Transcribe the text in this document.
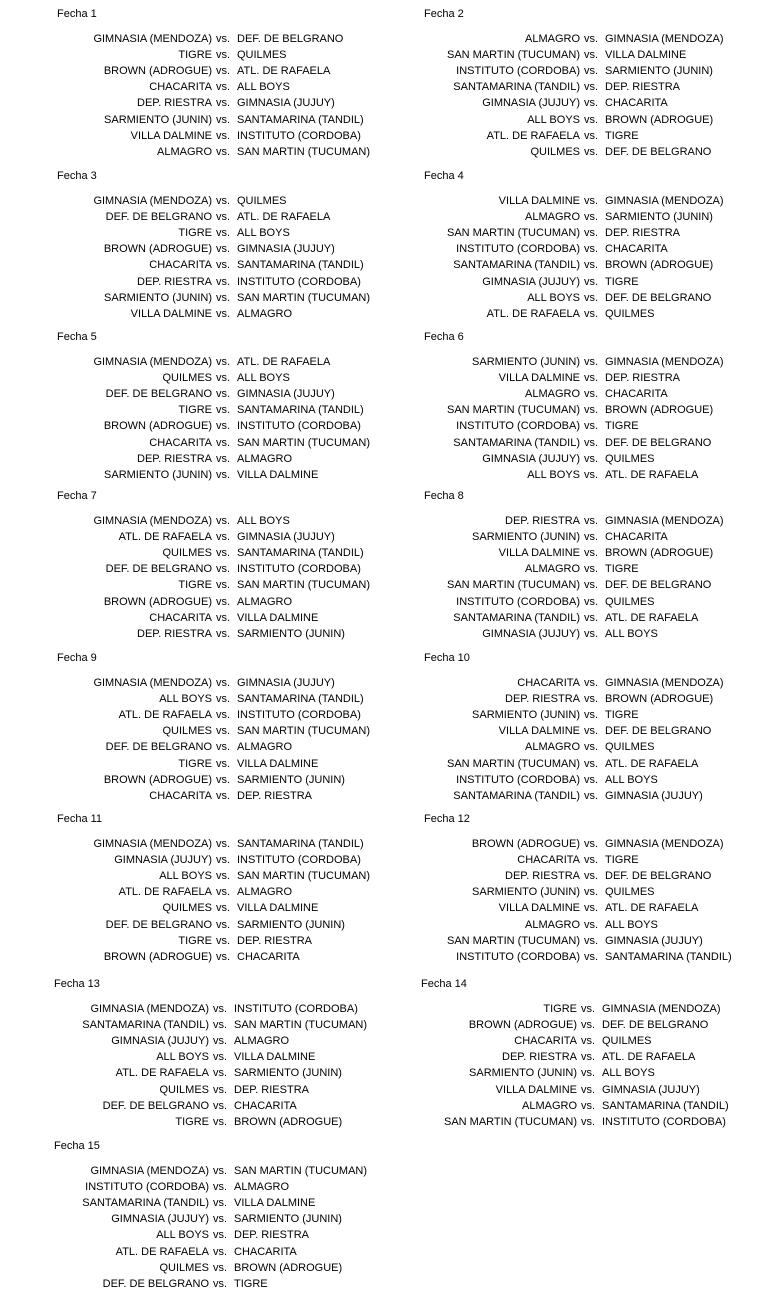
Fecha 1
GIMNASIA (MENDOZA) vs. DEF. DE BELGRANO
TIGRE vs. QUILMES
BROWN (ADROGUE) vs. ATL. DE RAFAELA
CHACARITA vs. ALL BOYS
DEP. RIESTRA vs. GIMNASIA (JUJUY)
SARMIENTO (JUNIN) vs. SANTAMARINA (TANDIL)
VILLA DALMINE vs. INSTITUTO (CORDOBA)
ALMAGRO vs. SAN MARTIN (TUCUMAN)
Fecha 2
ALMAGRO vs. GIMNASIA (MENDOZA)
SAN MARTIN (TUCUMAN) vs. VILLA DALMINE
INSTITUTO (CORDOBA) vs. SARMIENTO (JUNIN)
SANTAMARINA (TANDIL) vs. DEP. RIESTRA
GIMNASIA (JUJUY) vs. CHACARITA
ALL BOYS vs. BROWN (ADROGUE)
ATL. DE RAFAELA vs. TIGRE
QUILMES vs. DEF. DE BELGRANO
Fecha 3
GIMNASIA (MENDOZA) vs. QUILMES
DEF. DE BELGRANO vs. ATL. DE RAFAELA
TIGRE vs. ALL BOYS
BROWN (ADROGUE) vs. GIMNASIA (JUJUY)
CHACARITA vs. SANTAMARINA (TANDIL)
DEP. RIESTRA vs. INSTITUTO (CORDOBA)
SARMIENTO (JUNIN) vs. SAN MARTIN (TUCUMAN)
VILLA DALMINE vs. ALMAGRO
Fecha 4
VILLA DALMINE vs. GIMNASIA (MENDOZA)
ALMAGRO vs. SARMIENTO (JUNIN)
SAN MARTIN (TUCUMAN) vs. DEP. RIESTRA
INSTITUTO (CORDOBA) vs. CHACARITA
SANTAMARINA (TANDIL) vs. BROWN (ADROGUE)
GIMNASIA (JUJUY) vs. TIGRE
ALL BOYS vs. DEF. DE BELGRANO
ATL. DE RAFAELA vs. QUILMES
Fecha 5
GIMNASIA (MENDOZA) vs. ATL. DE RAFAELA
QUILMES vs. ALL BOYS
DEF. DE BELGRANO vs. GIMNASIA (JUJUY)
TIGRE vs. SANTAMARINA (TANDIL)
BROWN (ADROGUE) vs. INSTITUTO (CORDOBA)
CHACARITA vs. SAN MARTIN (TUCUMAN)
DEP. RIESTRA vs. ALMAGRO
SARMIENTO (JUNIN) vs. VILLA DALMINE
Fecha 6
SARMIENTO (JUNIN) vs. GIMNASIA (MENDOZA)
VILLA DALMINE vs. DEP. RIESTRA
ALMAGRO vs. CHACARITA
SAN MARTIN (TUCUMAN) vs. BROWN (ADROGUE)
INSTITUTO (CORDOBA) vs. TIGRE
SANTAMARINA (TANDIL) vs. DEF. DE BELGRANO
GIMNASIA (JUJUY) vs. QUILMES
ALL BOYS vs. ATL. DE RAFAELA
Fecha 7
GIMNASIA (MENDOZA) vs. ALL BOYS
ATL. DE RAFAELA vs. GIMNASIA (JUJUY)
QUILMES vs. SANTAMARINA (TANDIL)
DEF. DE BELGRANO vs. INSTITUTO (CORDOBA)
TIGRE vs. SAN MARTIN (TUCUMAN)
BROWN (ADROGUE) vs. ALMAGRO
CHACARITA vs. VILLA DALMINE
DEP. RIESTRA vs. SARMIENTO (JUNIN)
Fecha 8
DEP. RIESTRA vs. GIMNASIA (MENDOZA)
SARMIENTO (JUNIN) vs. CHACARITA
VILLA DALMINE vs. BROWN (ADROGUE)
ALMAGRO vs. TIGRE
SAN MARTIN (TUCUMAN) vs. DEF. DE BELGRANO
INSTITUTO (CORDOBA) vs. QUILMES
SANTAMARINA (TANDIL) vs. ATL. DE RAFAELA
GIMNASIA (JUJUY) vs. ALL BOYS
Fecha 9
GIMNASIA (MENDOZA) vs. GIMNASIA (JUJUY)
ALL BOYS vs. SANTAMARINA (TANDIL)
ATL. DE RAFAELA vs. INSTITUTO (CORDOBA)
QUILMES vs. SAN MARTIN (TUCUMAN)
DEF. DE BELGRANO vs. ALMAGRO
TIGRE vs. VILLA DALMINE
BROWN (ADROGUE) vs. SARMIENTO (JUNIN)
CHACARITA vs. DEP. RIESTRA
Fecha 10
CHACARITA vs. GIMNASIA (MENDOZA)
DEP. RIESTRA vs. BROWN (ADROGUE)
SARMIENTO (JUNIN) vs. TIGRE
VILLA DALMINE vs. DEF. DE BELGRANO
ALMAGRO vs. QUILMES
SAN MARTIN (TUCUMAN) vs. ATL. DE RAFAELA
INSTITUTO (CORDOBA) vs. ALL BOYS
SANTAMARINA (TANDIL) vs. GIMNASIA (JUJUY)
Fecha 11
GIMNASIA (MENDOZA) vs. SANTAMARINA (TANDIL)
GIMNASIA (JUJUY) vs. INSTITUTO (CORDOBA)
ALL BOYS vs. SAN MARTIN (TUCUMAN)
ATL. DE RAFAELA vs. ALMAGRO
QUILMES vs. VILLA DALMINE
DEF. DE BELGRANO vs. SARMIENTO (JUNIN)
TIGRE vs. DEP. RIESTRA
BROWN (ADROGUE) vs. CHACARITA
Fecha 12
BROWN (ADROGUE) vs. GIMNASIA (MENDOZA)
CHACARITA vs. TIGRE
DEP. RIESTRA vs. DEF. DE BELGRANO
SARMIENTO (JUNIN) vs. QUILMES
VILLA DALMINE vs. ATL. DE RAFAELA
ALMAGRO vs. ALL BOYS
SAN MARTIN (TUCUMAN) vs. GIMNASIA (JUJUY)
INSTITUTO (CORDOBA) vs. SANTAMARINA (TANDIL)
Fecha 13
GIMNASIA (MENDOZA) vs. INSTITUTO (CORDOBA)
SANTAMARINA (TANDIL) vs. SAN MARTIN (TUCUMAN)
GIMNASIA (JUJUY) vs. ALMAGRO
ALL BOYS vs. VILLA DALMINE
ATL. DE RAFAELA vs. SARMIENTO (JUNIN)
QUILMES vs. DEP. RIESTRA
DEF. DE BELGRANO vs. CHACARITA
TIGRE vs. BROWN (ADROGUE)
Fecha 14
TIGRE vs. GIMNASIA (MENDOZA)
BROWN (ADROGUE) vs. DEF. DE BELGRANO
CHACARITA vs. QUILMES
DEP. RIESTRA vs. ATL. DE RAFAELA
SARMIENTO (JUNIN) vs. ALL BOYS
VILLA DALMINE vs. GIMNASIA (JUJUY)
ALMAGRO vs. SANTAMARINA (TANDIL)
SAN MARTIN (TUCUMAN) vs. INSTITUTO (CORDOBA)
Fecha 15
GIMNASIA (MENDOZA) vs. SAN MARTIN (TUCUMAN)
INSTITUTO (CORDOBA) vs. ALMAGRO
SANTAMARINA (TANDIL) vs. VILLA DALMINE
GIMNASIA (JUJUY) vs. SARMIENTO (JUNIN)
ALL BOYS vs. DEP. RIESTRA
ATL. DE RAFAELA vs. CHACARITA
QUILMES vs. BROWN (ADROGUE)
DEF. DE BELGRANO vs. TIGRE
